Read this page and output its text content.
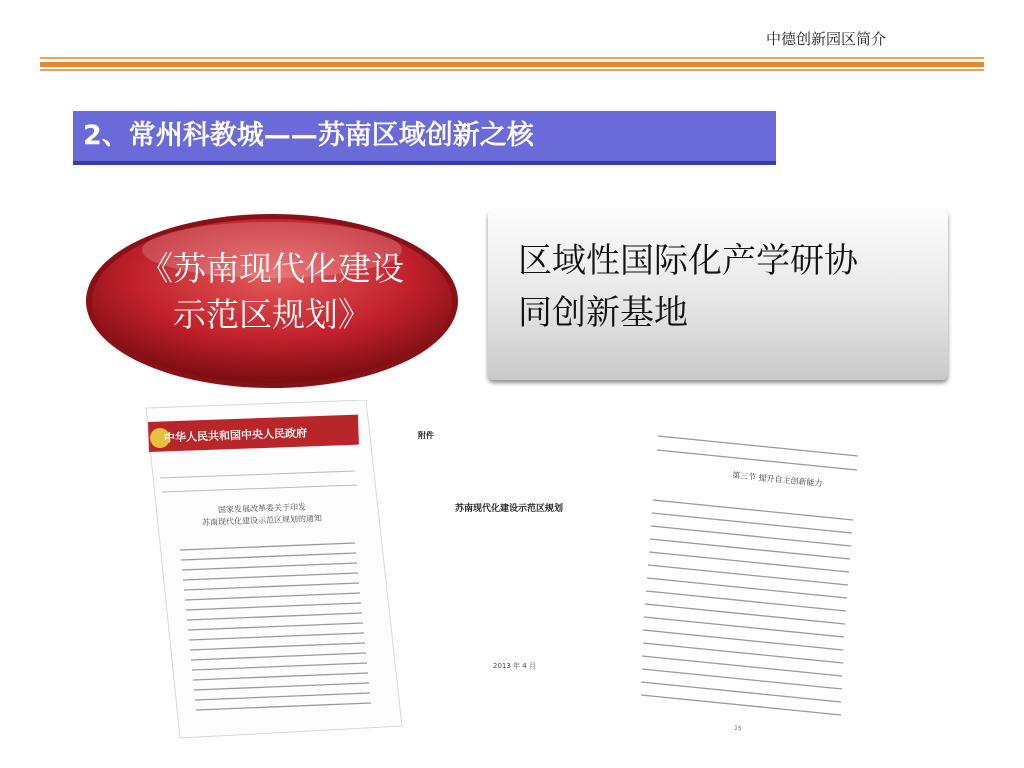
中德创新园区简介
2、常州科教城——苏南区域创新之核
《苏南现代化建设
示范区规划》
区域性国际化产学研协
同创新基地
中华人民共和国中央人民政府
国家发展改革委关于印发
苏南现代化建设示范区规划的通知
附件
苏南现代化建设示范区规划
2013 年 4 月
第三节 提升自主创新能力
15
